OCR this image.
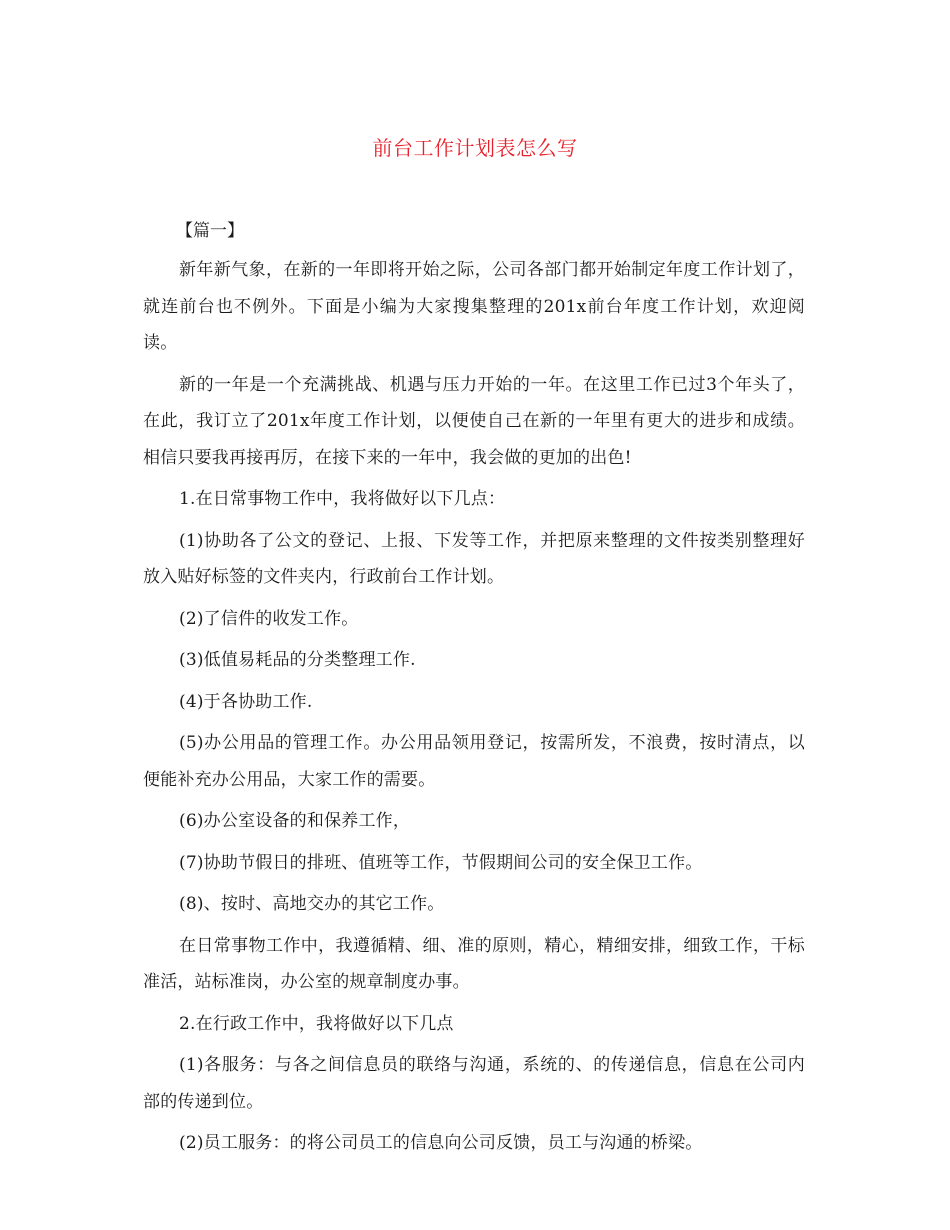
前台工作计划表怎么写
【篇一】

新年新气象，在新的一年即将开始之际，公司各部门都开始制定年度工作计划了，就连前台也不例外。下面是小编为大家搜集整理的201x前台年度工作计划，欢迎阅读。

新的一年是一个充满挑战、机遇与压力开始的一年。在这里工作已过3个年头了，在此，我订立了201x年度工作计划，以便使自己在新的一年里有更大的进步和成绩。相信只要我再接再厉，在接下来的一年中，我会做的更加的出色!

1.在日常事物工作中，我将做好以下几点：

(1)协助各了公文的登记、上报、下发等工作，并把原来整理的文件按类别整理好放入贴好标签的文件夹内，行政前台工作计划。

(2)了信件的收发工作。

(3)低值易耗品的分类整理工作.

(4)于各协助工作.

(5)办公用品的管理工作。办公用品领用登记，按需所发，不浪费，按时清点，以便能补充办公用品，大家工作的需要。

(6)办公室设备的和保养工作，

(7)协助节假日的排班、值班等工作，节假期间公司的安全保卫工作。

(8)、按时、高地交办的其它工作。

在日常事物工作中，我遵循精、细、准的原则，精心，精细安排，细致工作，干标准活，站标准岗，办公室的规章制度办事。

2.在行政工作中，我将做好以下几点

(1)各服务：与各之间信息员的联络与沟通，系统的、的传递信息，信息在公司内部的传递到位。

(2)员工服务：的将公司员工的信息向公司反馈，员工与沟通的桥梁。
